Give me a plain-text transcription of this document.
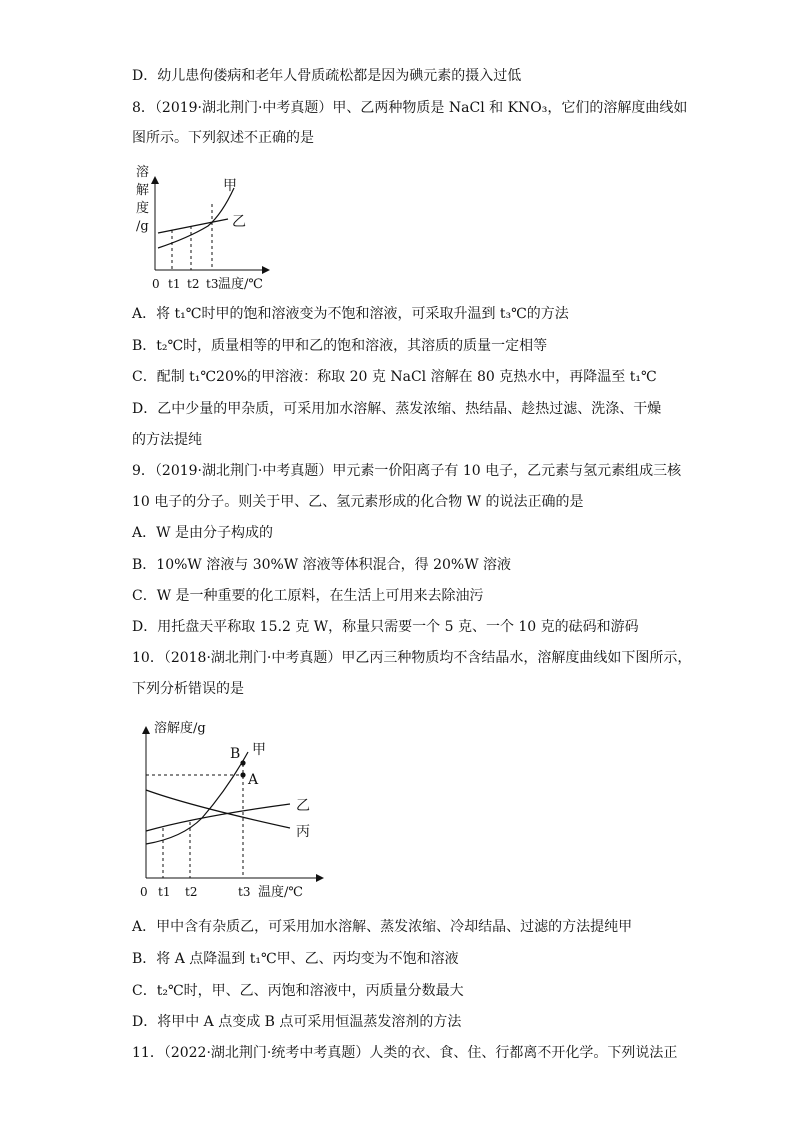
D．幼儿患佝偻病和老年人骨质疏松都是因为碘元素的摄入过低
8．（2019·湖北荆门·中考真题）甲、乙两种物质是 NaCl 和 KNO₃，它们的溶解度曲线如
图所示。下列叙述不正确的是
A．将 t₁℃时甲的饱和溶液变为不饱和溶液，可采取升温到 t₃℃的方法
B．t₂℃时，质量相等的甲和乙的饱和溶液，其溶质的质量一定相等
C．配制 t₁℃20%的甲溶液：称取 20 克 NaCl 溶解在 80 克热水中，再降温至 t₁℃
D．乙中少量的甲杂质，可采用加水溶解、蒸发浓缩、热结晶、趁热过滤、洗涤、干燥
的方法提纯
9．（2019·湖北荆门·中考真题）甲元素一价阳离子有 10 电子，乙元素与氢元素组成三核
10 电子的分子。则关于甲、乙、氢元素形成的化合物 W 的说法正确的是
A．W 是由分子构成的
B．10%W 溶液与 30%W 溶液等体积混合，得 20%W 溶液
C．W 是一种重要的化工原料，在生活上可用来去除油污
D．用托盘天平称取 15.2 克 W，称量只需要一个 5 克、一个 10 克的砝码和游码
10．（2018·湖北荆门·中考真题）甲乙丙三种物质均不含结晶水，溶解度曲线如下图所示，
下列分析错误的是
A．甲中含有杂质乙，可采用加水溶解、蒸发浓缩、冷却结晶、过滤的方法提纯甲
B．将 A 点降温到 t₁℃甲、乙、丙均变为不饱和溶液
C．t₂℃时，甲、乙、丙饱和溶液中，丙质量分数最大
D．将甲中 A 点变成 B 点可采用恒温蒸发溶剂的方法
11．（2022·湖北荆门·统考中考真题）人类的衣、食、住、行都离不开化学。下列说法正
溶
解
度
/g
甲
乙
0 t1 t2 t3 温度/℃
溶解度/g
B
A
甲
乙
丙
0 t1 t2	t3 温度/℃
